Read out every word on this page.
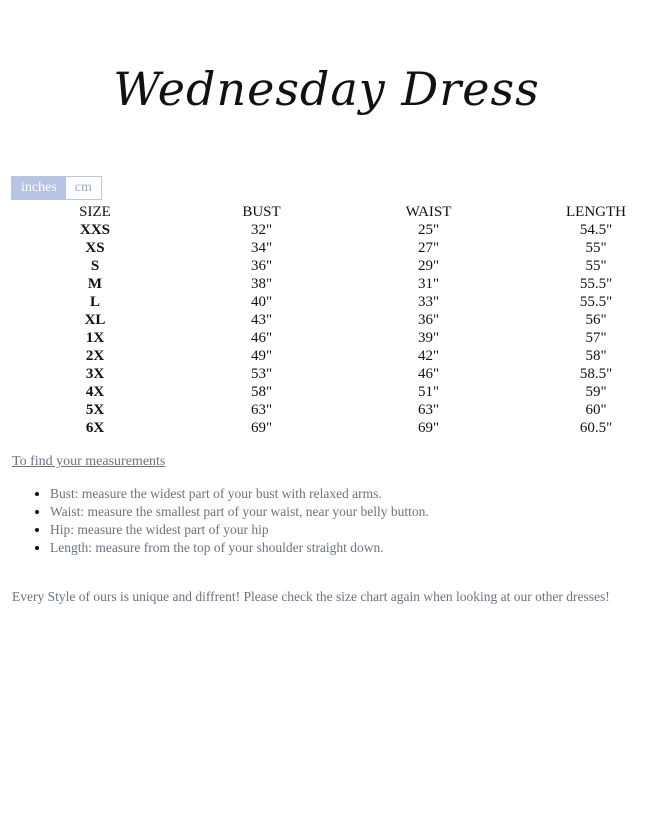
Wednesday Dress
inches	cm
SIZE	BUST	WAIST	LENGTH
XXS	32"	25"	54.5"
XS	34"	27"	55"
S	36"	29"	55"
M	38"	31"	55.5"
L	40"	33"	55.5"
XL	43"	36"	56"
1X	46"	39"	57"
2X	49"	42"	58"
3X	53"	46"	58.5"
4X	58"	51"	59"
5X	63"	63"	60"
6X	69"	69"	60.5"
To find your measurements
• Bust: measure the widest part of your bust with relaxed arms.
• Waist: measure the smallest part of your waist, near your belly button.
• Hip: measure the widest part of your hip
• Length: measure from the top of your shoulder straight down.
Every Style of ours is unique and diffrent! Please check the size chart again when looking at our other dresses!
